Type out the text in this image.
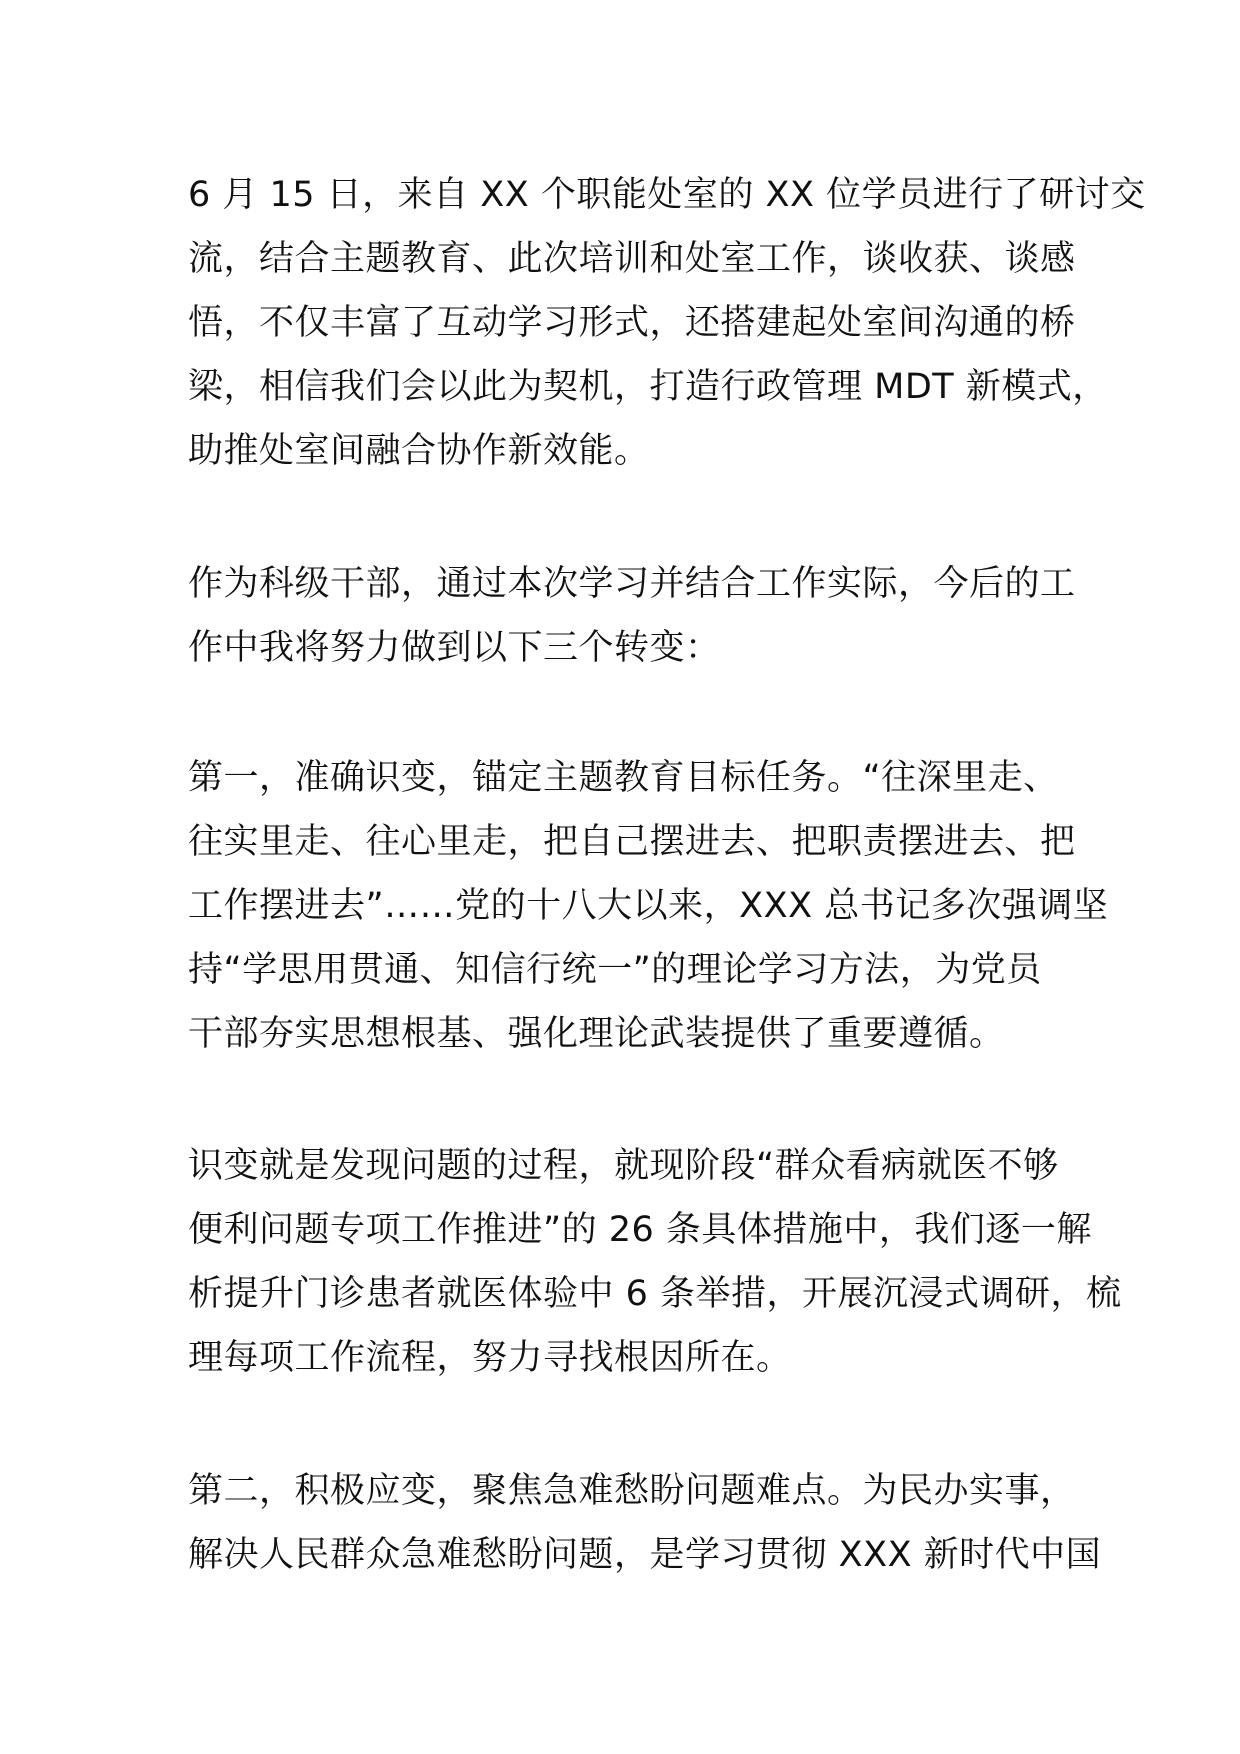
6 月 15 日，来自 XX 个职能处室的 XX 位学员进行了研讨交
流，结合主题教育、此次培训和处室工作，谈收获、谈感
悟，不仅丰富了互动学习形式，还搭建起处室间沟通的桥
梁，相信我们会以此为契机，打造行政管理 MDT 新模式，
助推处室间融合协作新效能。
作为科级干部，通过本次学习并结合工作实际，今后的工
作中我将努力做到以下三个转变：
第一，准确识变，锚定主题教育目标任务。“往深里走、
往实里走、往心里走，把自己摆进去、把职责摆进去、把
工作摆进去”……党的十八大以来，XXX 总书记多次强调坚
持“学思用贯通、知信行统一”的理论学习方法，为党员
干部夯实思想根基、强化理论武装提供了重要遵循。
识变就是发现问题的过程，就现阶段“群众看病就医不够
便利问题专项工作推进”的 26 条具体措施中，我们逐一解
析提升门诊患者就医体验中 6 条举措，开展沉浸式调研，梳
理每项工作流程，努力寻找根因所在。
第二，积极应变，聚焦急难愁盼问题难点。为民办实事，
解决人民群众急难愁盼问题，是学习贯彻 XXX 新时代中国
